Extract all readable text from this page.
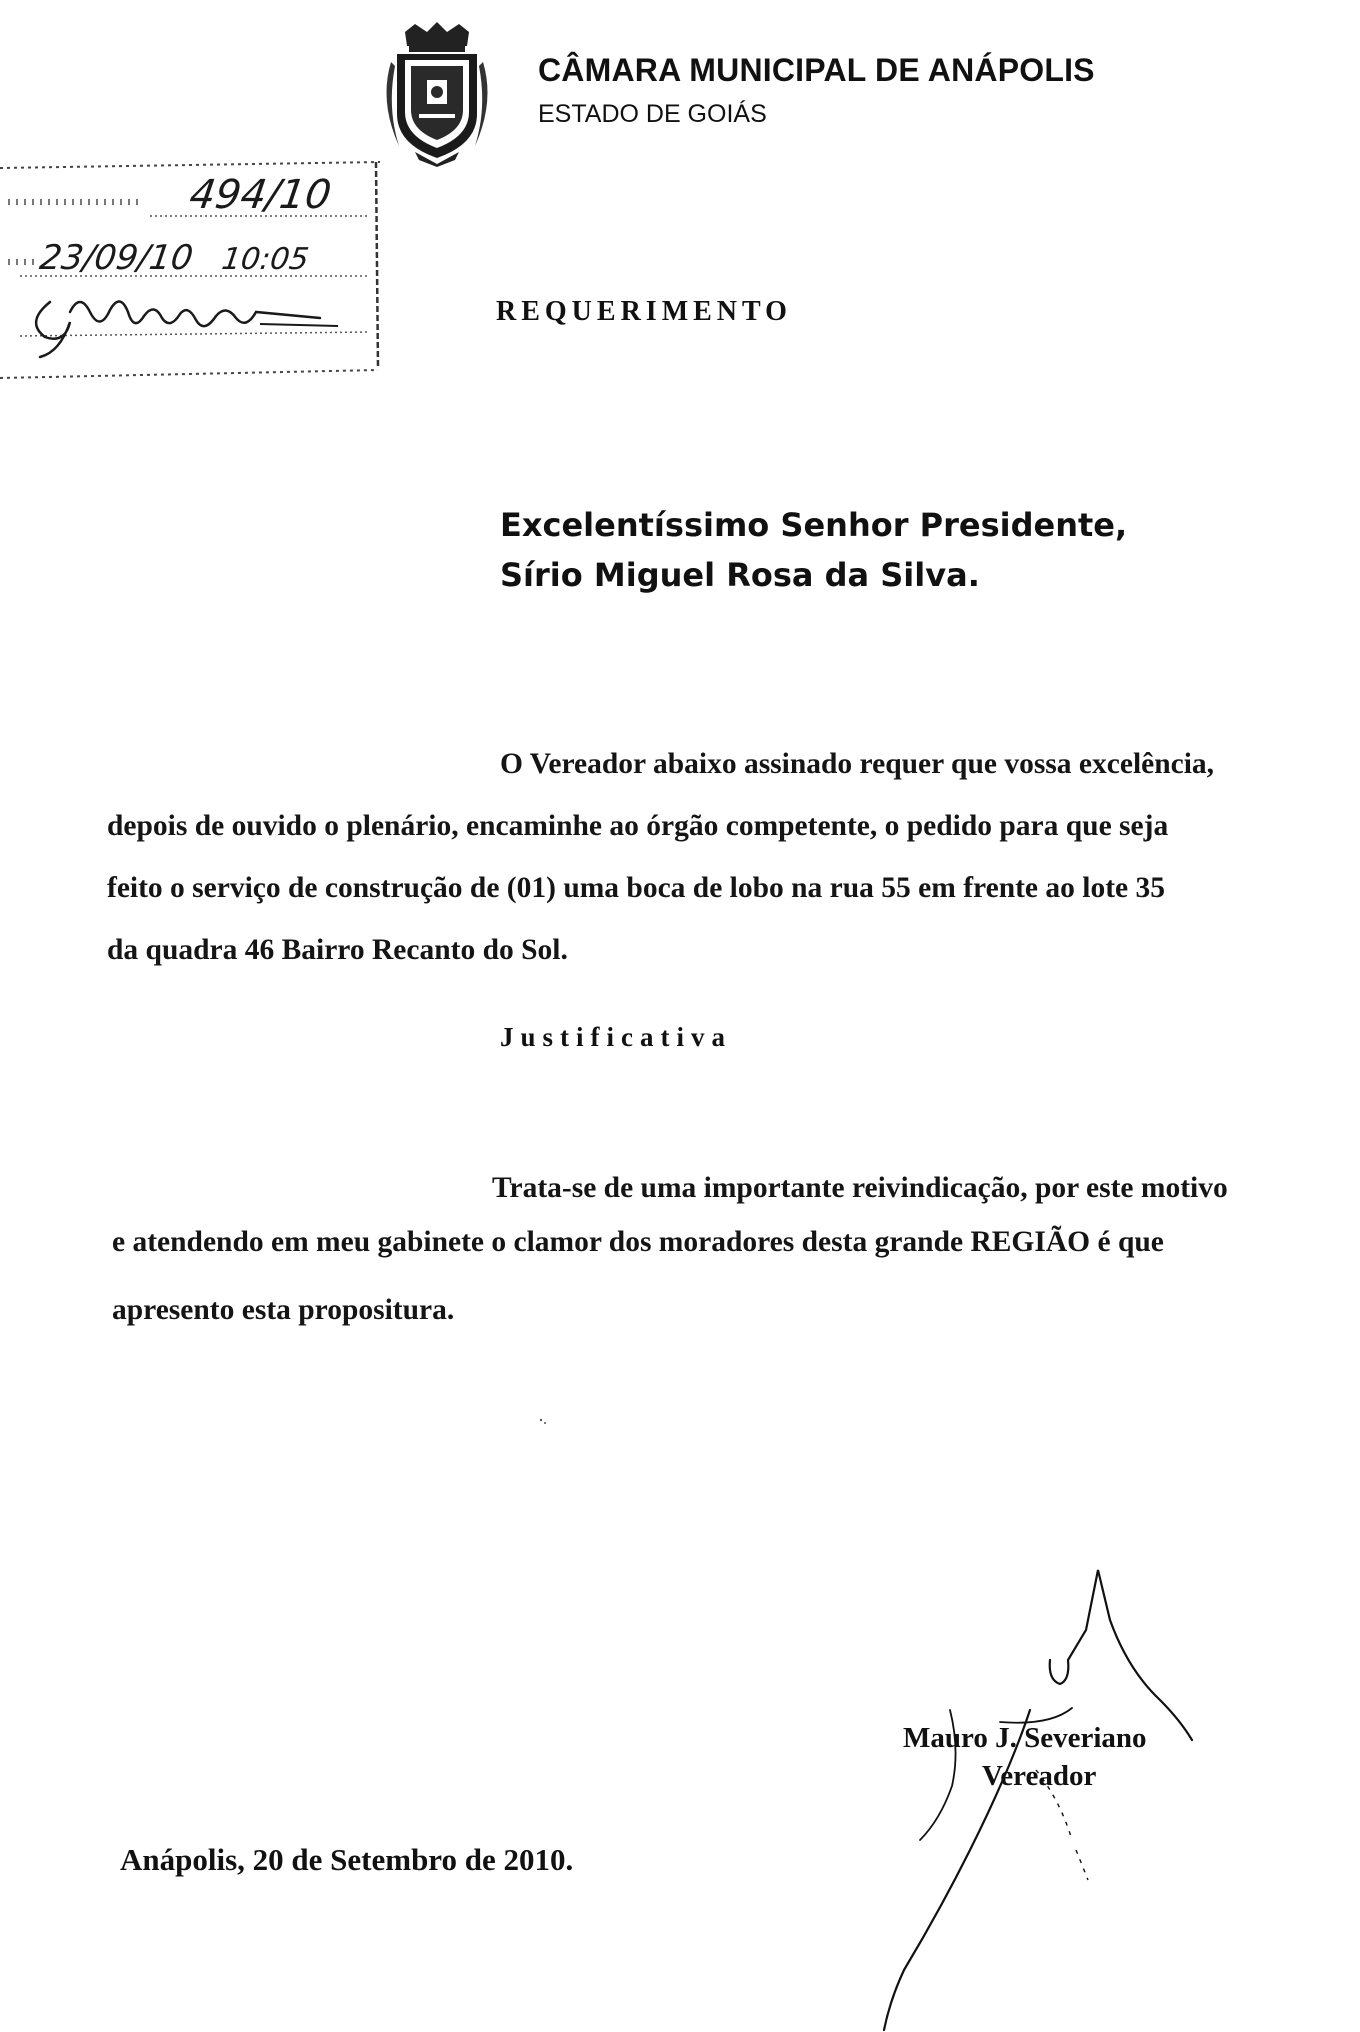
CÂMARA MUNICIPAL DE ANÁPOLIS
ESTADO DE GOIÁS
494/10
23/09/10 10:05
REQUERIMENTO
Excelentíssimo Senhor Presidente,
Sírio Miguel Rosa da Silva.
O Vereador abaixo assinado requer que vossa excelência,
depois de ouvido o plenário, encaminhe ao órgão competente, o pedido para que seja
feito o serviço de construção de (01) uma boca de lobo na rua 55 em frente ao lote 35
da quadra 46 Bairro Recanto do Sol.
Justificativa
Trata-se de uma importante reivindicação, por este motivo
e atendendo em meu gabinete o clamor dos moradores desta grande REGIÃO é que
apresento esta propositura.
Mauro J. Severiano
Vereador
Anápolis, 20 de Setembro de 2010.
